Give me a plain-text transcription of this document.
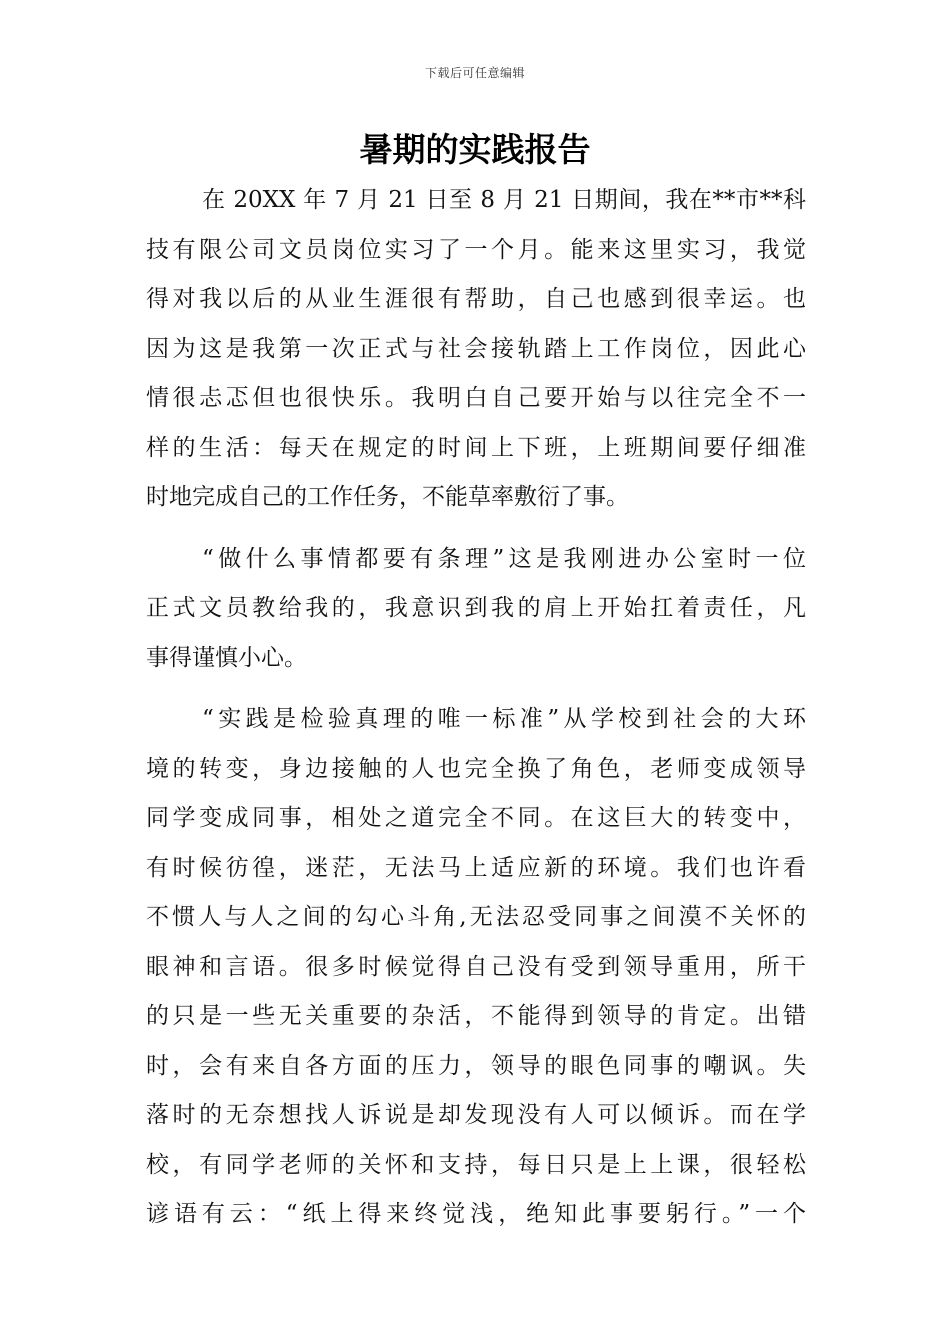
下载后可任意编辑
暑期的实践报告
在 20XX 年 7 月 21 日至 8 月 21 日期间，我在**市**科
技有限公司文员岗位实习了一个月。能来这里实习，我觉
得对我以后的从业生涯很有帮助，自己也感到很幸运。也
因为这是我第一次正式与社会接轨踏上工作岗位，因此心
情很忐忑但也很快乐。我明白自己要开始与以往完全不一
样的生活：每天在规定的时间上下班，上班期间要仔细准
时地完成自己的工作任务，不能草率敷衍了事。
“做什么事情都要有条理”这是我刚进办公室时一位
正式文员教给我的，我意识到我的肩上开始扛着责任，凡
事得谨慎小心。
“实践是检验真理的唯一标准”从学校到社会的大环
境的转变，身边接触的人也完全换了角色，老师变成领导
同学变成同事，相处之道完全不同。在这巨大的转变中，
有时候彷徨，迷茫，无法马上适应新的环境。我们也许看
不惯人与人之间的勾心斗角,无法忍受同事之间漠不关怀的
眼神和言语。很多时候觉得自己没有受到领导重用，所干
的只是一些无关重要的杂活，不能得到领导的肯定。出错
时，会有来自各方面的压力，领导的眼色同事的嘲讽。失
落时的无奈想找人诉说是却发现没有人可以倾诉。而在学
校，有同学老师的关怀和支持，每日只是上上课，很轻松
谚语有云：“纸上得来终觉浅，绝知此事要躬行。”一个
